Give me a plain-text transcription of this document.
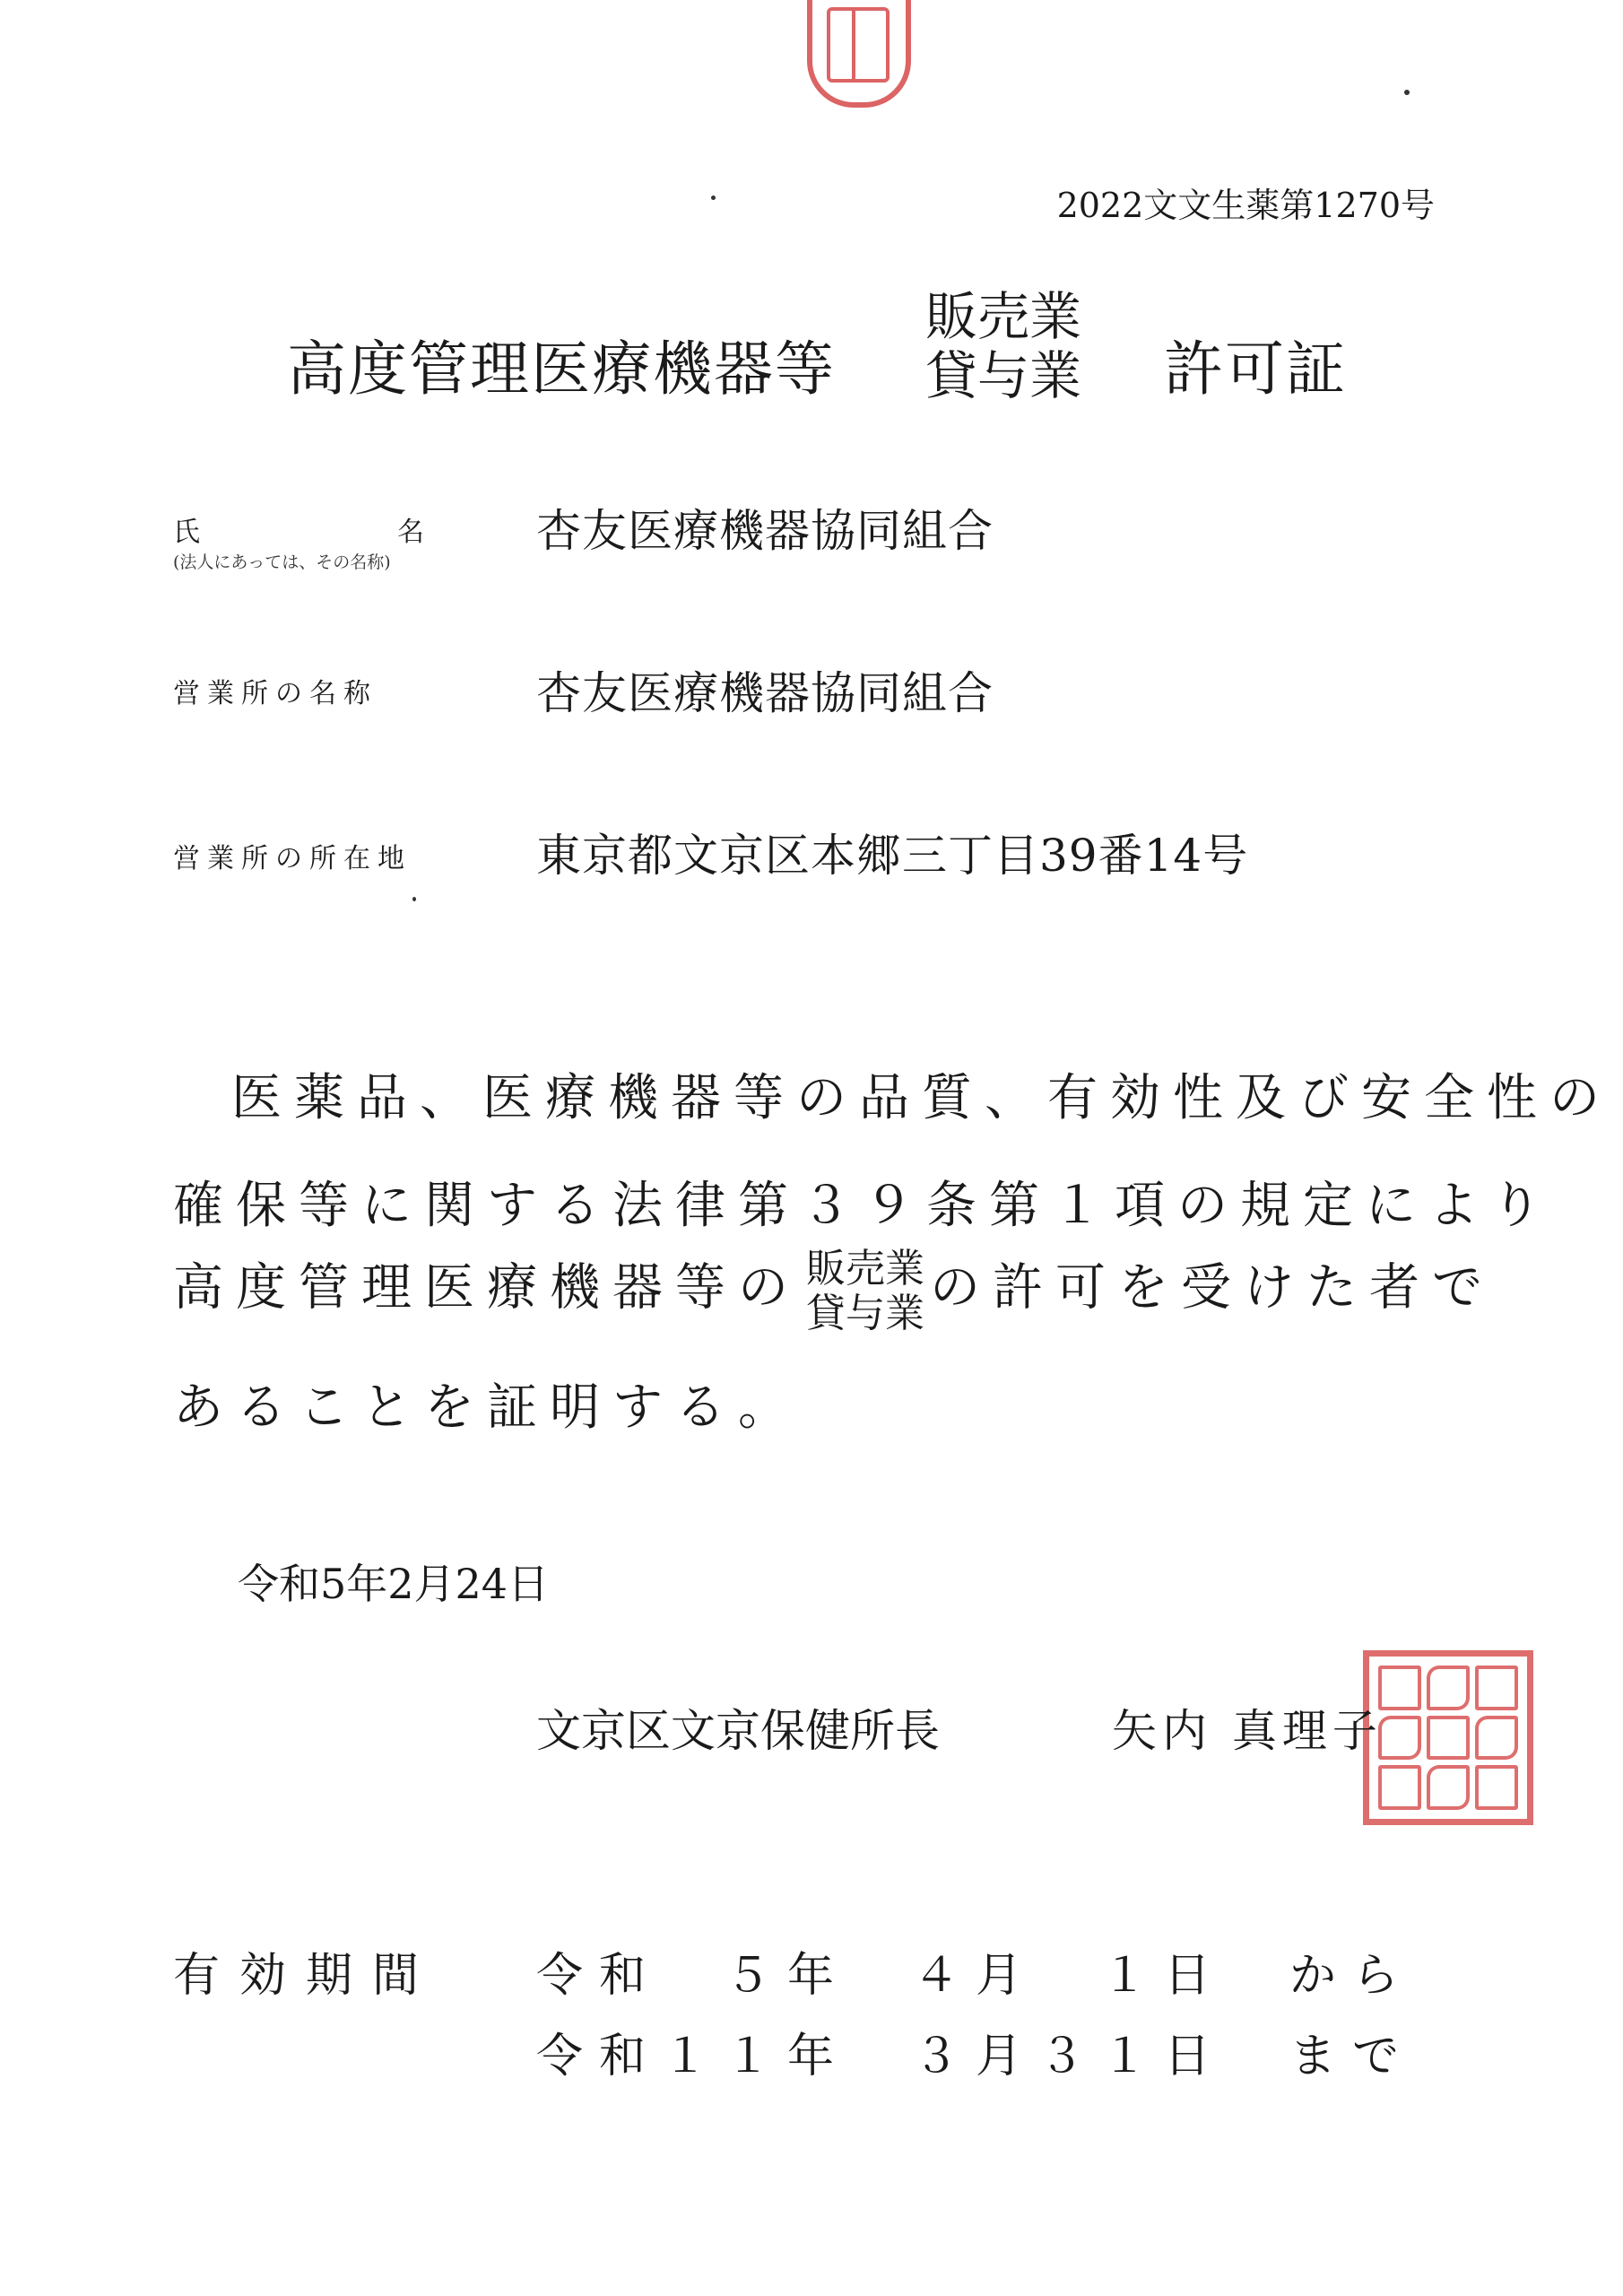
2022文文生薬第1270号
高度管理医療機器等
販売業
貸与業 許可証
氏	名
(法人にあっては、その名称)
杏友医療機器協同組合
営業所の名称	杏友医療機器協同組合
営業所の所在地	東京都文京区本郷三丁目39番14号
医薬品、医療機器等の品質、有効性及び安全性の
確保等に関する法律第３９条第１項の規定により
高度管理医療機器等の 販売業
貸与業 の許可を受けた者で
あることを証明する。
令和5年2月24日
文京区文京保健所長	矢内 真理子
有効期間 令和　５年　４月　１日　から
令和１１年　３月３１日　まで
